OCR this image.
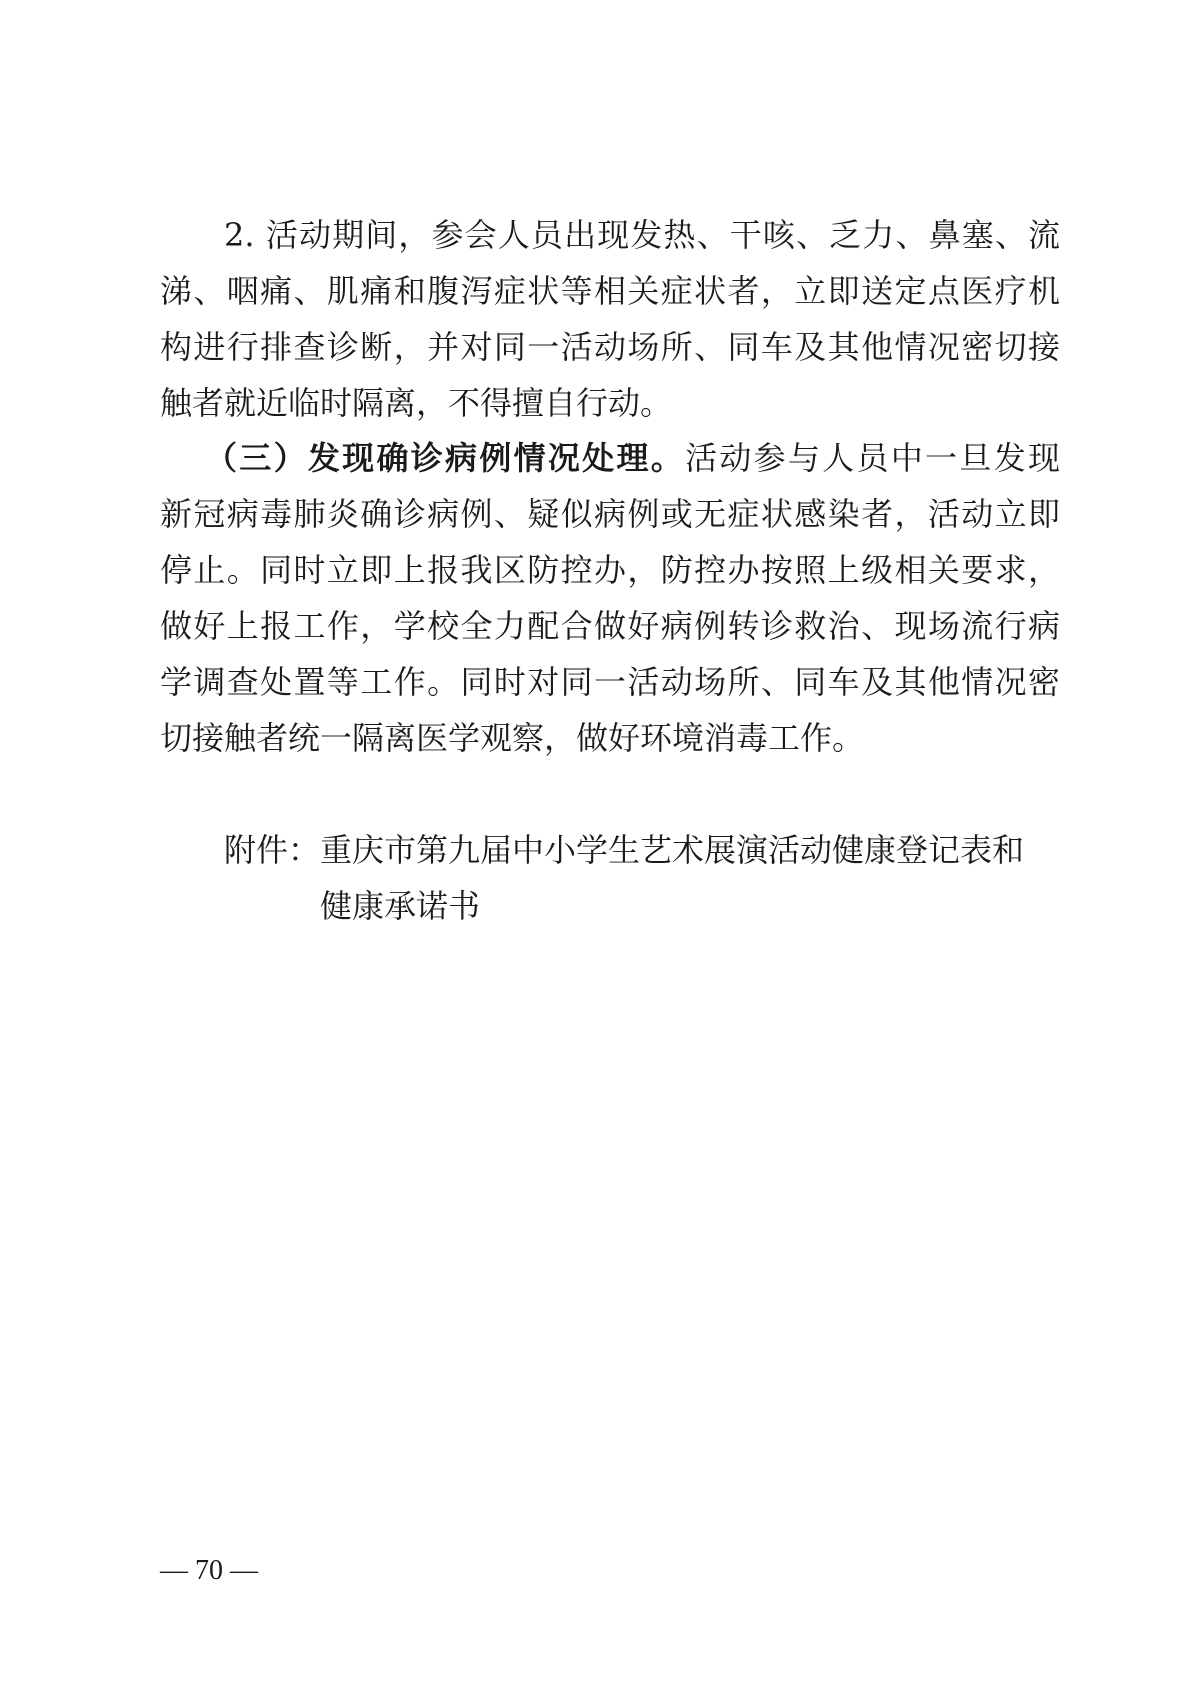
2. 活动期间，参会人员出现发热、干咳、乏力、鼻塞、流
涕、咽痛、肌痛和腹泻症状等相关症状者，立即送定点医疗机
构进行排查诊断，并对同一活动场所、同车及其他情况密切接
触者就近临时隔离，不得擅自行动。
（三）发现确诊病例情况处理。活动参与人员中一旦发现
新冠病毒肺炎确诊病例、疑似病例或无症状感染者，活动立即
停止。同时立即上报我区防控办，防控办按照上级相关要求，
做好上报工作，学校全力配合做好病例转诊救治、现场流行病
学调查处置等工作。同时对同一活动场所、同车及其他情况密
切接触者统一隔离医学观察，做好环境消毒工作。
附件： 重庆市第九届中小学生艺术展演活动健康登记表和
健康承诺书
— 70 —
